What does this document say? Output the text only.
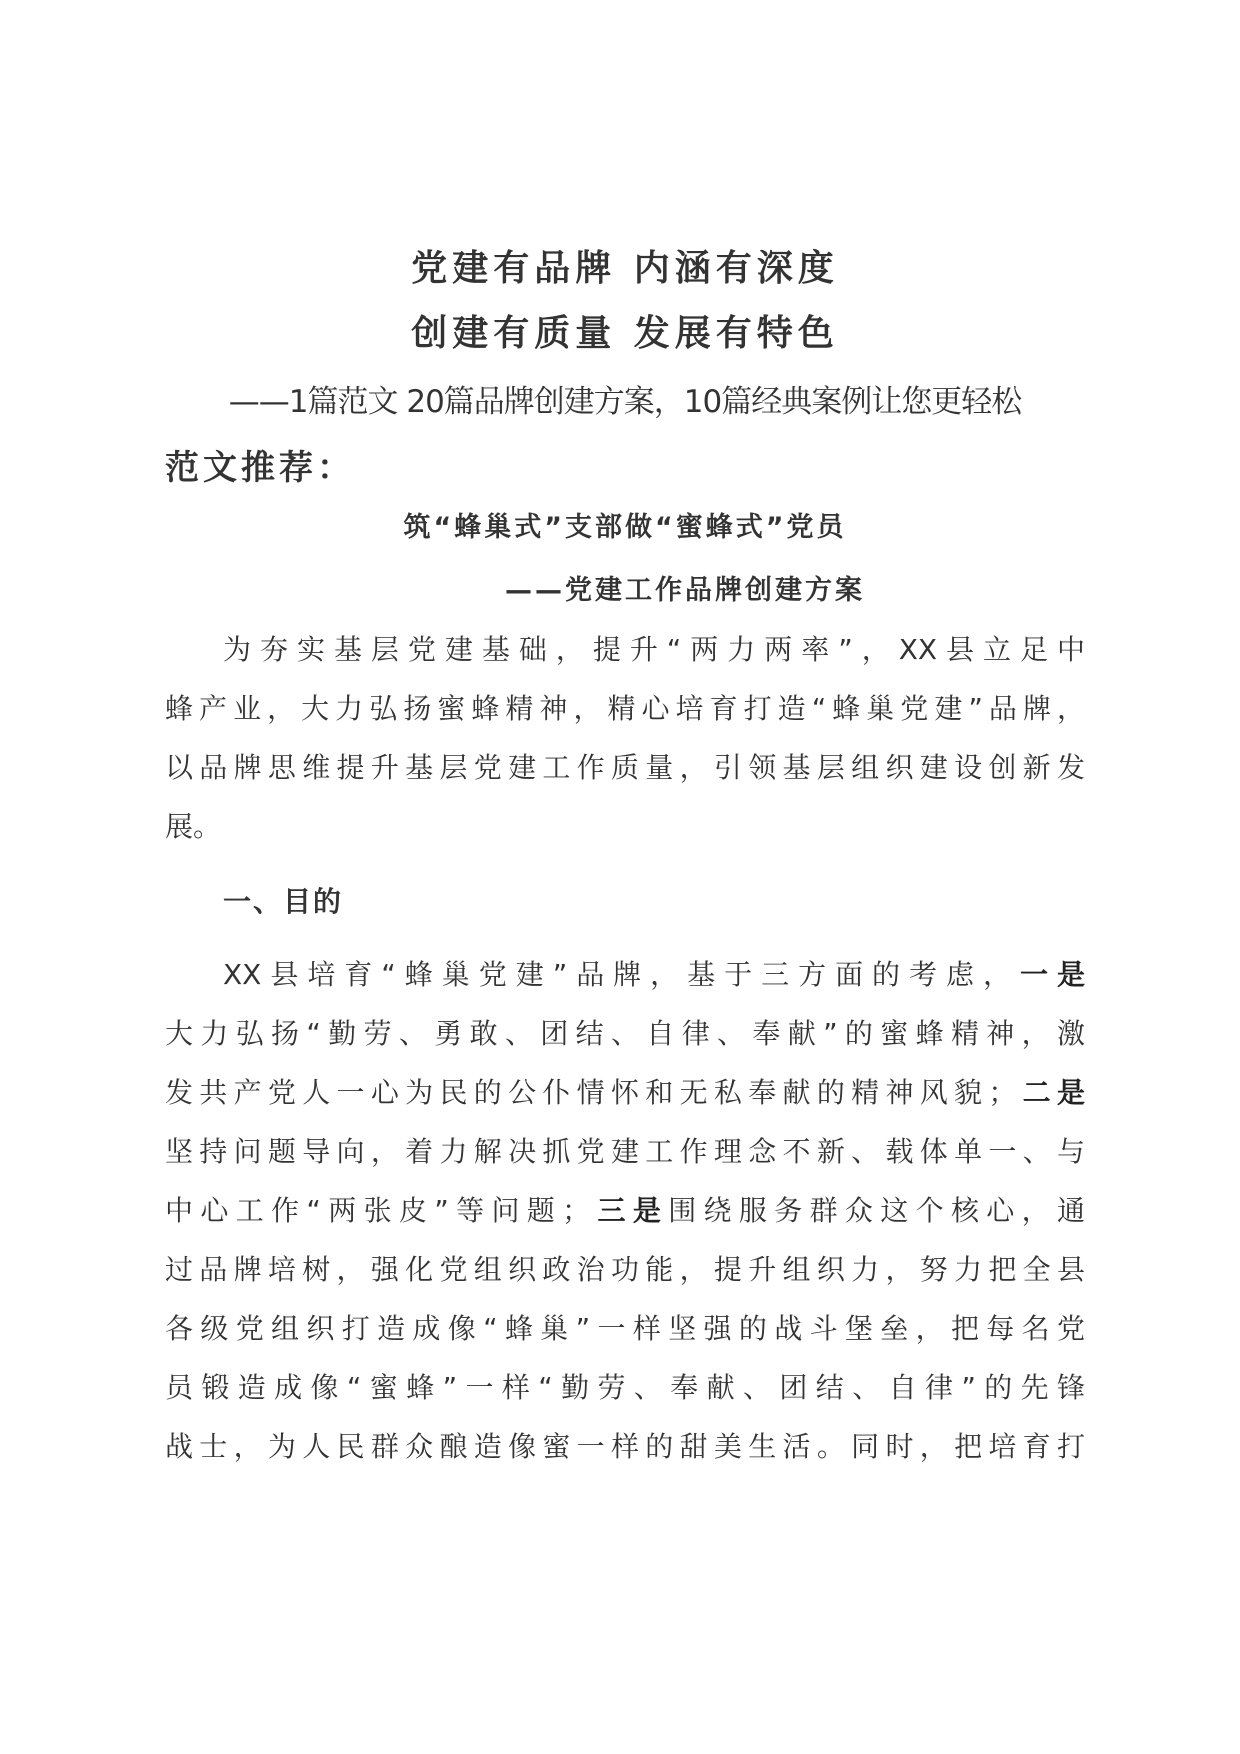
党建有品牌 内涵有深度
创建有质量 发展有特色
——1篇范文 20篇品牌创建方案，10篇经典案例让您更轻松
范文推荐：
筑“蜂巢式”支部做“蜜蜂式”党员
——党建工作品牌创建方案
为夯实基层党建基础，提升“两力两率”，XX县立足中
蜂产业，大力弘扬蜜蜂精神，精心培育打造“蜂巢党建”品牌，
以品牌思维提升基层党建工作质量，引领基层组织建设创新发
展。
一、目的
XX县培育“蜂巢党建”品牌，基于三方面的考虑，一是
大力弘扬“勤劳、勇敢、团结、自律、奉献”的蜜蜂精神，激
发共产党人一心为民的公仆情怀和无私奉献的精神风貌；二是
坚持问题导向，着力解决抓党建工作理念不新、载体单一、与
中心工作“两张皮”等问题；三是围绕服务群众这个核心，通
过品牌培树，强化党组织政治功能，提升组织力，努力把全县
各级党组织打造成像“蜂巢”一样坚强的战斗堡垒，把每名党
员锻造成像“蜜蜂”一样“勤劳、奉献、团结、自律”的先锋
战士，为人民群众酿造像蜜一样的甜美生活。同时，把培育打
